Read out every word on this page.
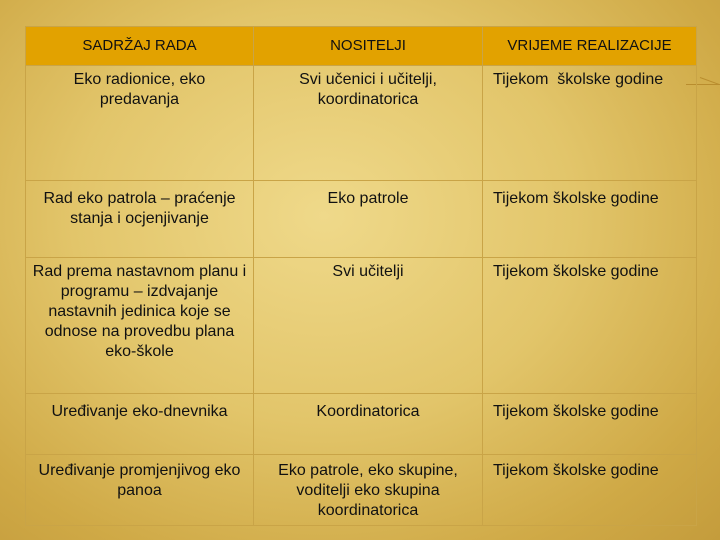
SADRŽAJ RADA	NOSITELJI	VRIJEME REALIZACIJE
Eko radionice, eko predavanja	Svi učenici i učitelji, koordinatorica	Tijekom  školske godine
Rad eko patrola – praćenje stanja i ocjenjivanje	Eko patrole	Tijekom školske godine
Rad prema nastavnom planu i programu – izdvajanje nastavnih jedinica koje se odnose na provedbu plana eko-škole	Svi učitelji	Tijekom školske godine
Uređivanje eko-dnevnika	Koordinatorica	Tijekom školske godine
Uređivanje promjenjivog eko panoa	Eko patrole, eko skupine, voditelji eko skupina koordinatorica	Tijekom školske godine
